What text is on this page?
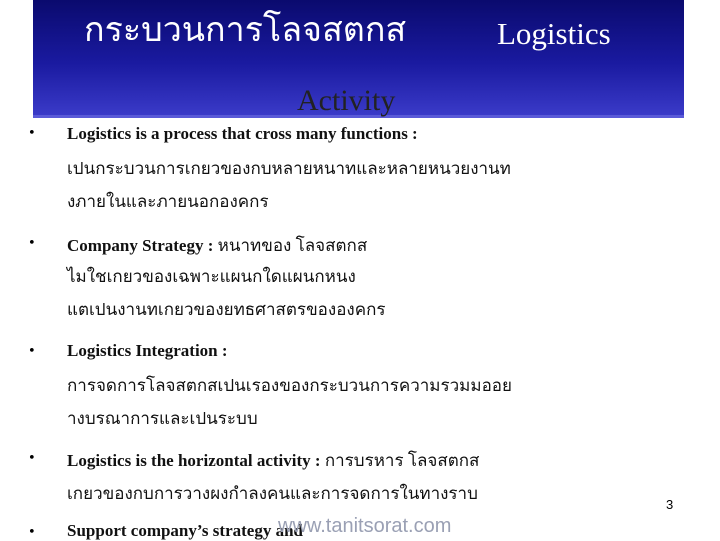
กระบวนการโลจสตกส	Logistics
Activity
• Logistics is a process that cross many functions :
เปนกระบวนการเกยวของกบหลายหนาทและหลายหนวยงานท
งภายในและภายนอกองคกร
• Company Strategy : หนาทของ โลจสตกส
ไมใชเกยวของเฉพาะแผนกใดแผนกหนง
แตเปนงานทเกยวของยทธศาสตรขององคกร
• Logistics Integration :
การจดการโลจสตกสเปนเรองของกระบวนการความรวมมออย
างบรณาการและเปนระบบ
• Logistics is the horizontal activity : การบรหาร โลจสตกส
เกยวของกบการวางผงกำลงคนและการจดการในทางราบ
• Support company’s strategy and
3
www.tanitsorat.com
